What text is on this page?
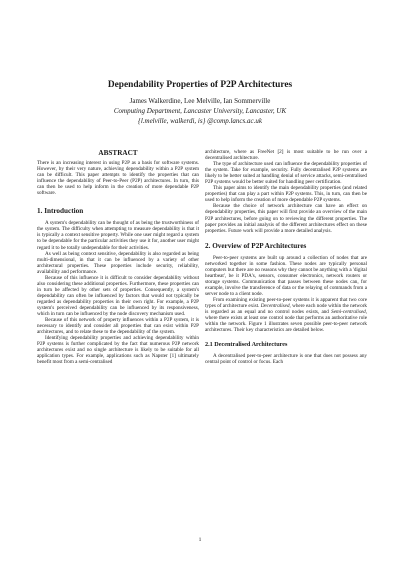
Dependability Properties of P2P Architectures
James Walkerdine, Lee Melville, Ian Sommerville
Computing Department, Lancaster University, Lancaster, UK
{l.melville, walkerdi, is} @comp.lancs.ac.uk

ABSTRACT

There is an increasing interest in using P2P as a basis for software systems. However, by their very nature, achieving dependability within a P2P system can be difficult. This paper attempts to identify the properties that can influence the dependability of Peer-to-Peer (P2P) architectures. In turn, this can then be used to help inform in the creation of more dependable P2P software.

1. Introduction

A system's dependability can be thought of as being the trustworthiness of the system. The difficulty when attempting to measure dependability is that it is typically a context sensitive property. While one user might regard a system to be dependable for the particular activities they use it for, another user might regard it to be totally undependable for their activities.

As well as being context sensitive, dependability is also regarded as being multi-dimensional, in that it can be influenced by a variety of other architectural properties. These properties include security, reliability, availability and performance.

Because of this influence it is difficult to consider dependability without also considering these additional properties. Furthermore, these properties can in turn be affected by other sets of properties. Consequently, a system's dependability can often be influenced by factors that would not typically be regarded as dependability properties in their own right. For example, a P2P system's perceived dependability can be influenced by its responsiveness, which in turn can be influenced by the node discovery mechanism used.

Because of this network of property influences within a P2P system, it is necessary to identify and consider all properties that can exist within P2P architectures, and to relate these to the dependability of the system.

Identifying dependability properties and achieving dependability within P2P systems is further complicated by the fact that numerous P2P network architectures exist and no single architecture is likely to be suitable for all application types. For example, applications such as Napster [1] ultimately benefit most from a semi-centralised

architecture, where as FreeNet [2] is most suitable to be run over a decentralised architecture.

The type of architecture used can influence the dependability properties of the system. Take for example, security. Fully decentralised P2P systems are likely to be better suited at handling denial of service attacks, semi-centralised P2P systems would be better suited for handling peer certification.

This paper aims to identify the main dependability properties (and related properties) that can play a part within P2P systems. This, in turn, can then be used to help inform the creation of more dependable P2P systems.

Because the choice of network architecture can have an effect on dependability properties, this paper will first provide an overview of the main P2P architectures, before going on to reviewing the different properties. The paper provides an initial analysis of the different architectures effect on these properties. Future work will provide a more detailed analysis.

2. Overview of P2P Architectures

Peer-to-peer systems are built up around a collection of nodes that are networked together in some fashion. These nodes are typically personal computers but there are no reasons why they cannot be anything with a 'digital heartbeat', be it PDA's, sensors, consumer electronics, network routers or storage systems. Communication that passes between these nodes can, for example, involve the transference of data or the relaying of commands from a server node to a client node.

From examining existing peer-to-peer systems it is apparent that two core types of architecture exist. Decentralised, where each node within the network is regarded as an equal and no control nodes exists, and Semi-centralised, where there exists at least one control node that performs an authoritative role within the network. Figure 1 illustrates seven possible peer-to-peer network architectures. Their key characteristics are detailed below.

2.1 Decentralised Architectures

A decentralised peer-to-peer architecture is one that does not possess any central point of control or focus. Each

1
